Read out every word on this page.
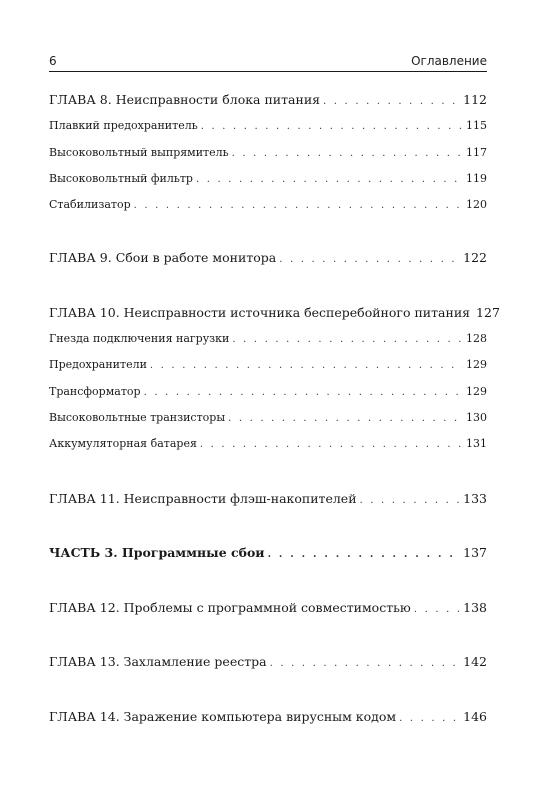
6	Оглавление
ГЛАВА 8. Неисправности блока питания . . .	112
Плавкий предохранитель . . .	115
Высоковольтный выпрямитель . . .	117
Высоковольтный фильтр . . .	119
Стабилизатор . . .	120
ГЛАВА 9. Сбои в работе монитора . . .	122
ГЛАВА 10. Неисправности источника бесперебойного питания 127
Гнезда подключения нагрузки . . .	128
Предохранители . . .	129
Трансформатор . . .	129
Высоковольтные транзисторы . . .	130
Аккумуляторная батарея . . .	131
ГЛАВА 11. Неисправности флэш-накопителей . . .	133
ЧАСТЬ 3. Программные сбои . . .	137
ГЛАВА 12. Проблемы с программной совместимостью . . .	138
ГЛАВА 13. Захламление реестра . . .	142
ГЛАВА 14. Заражение компьютера вирусным кодом . . .	146
